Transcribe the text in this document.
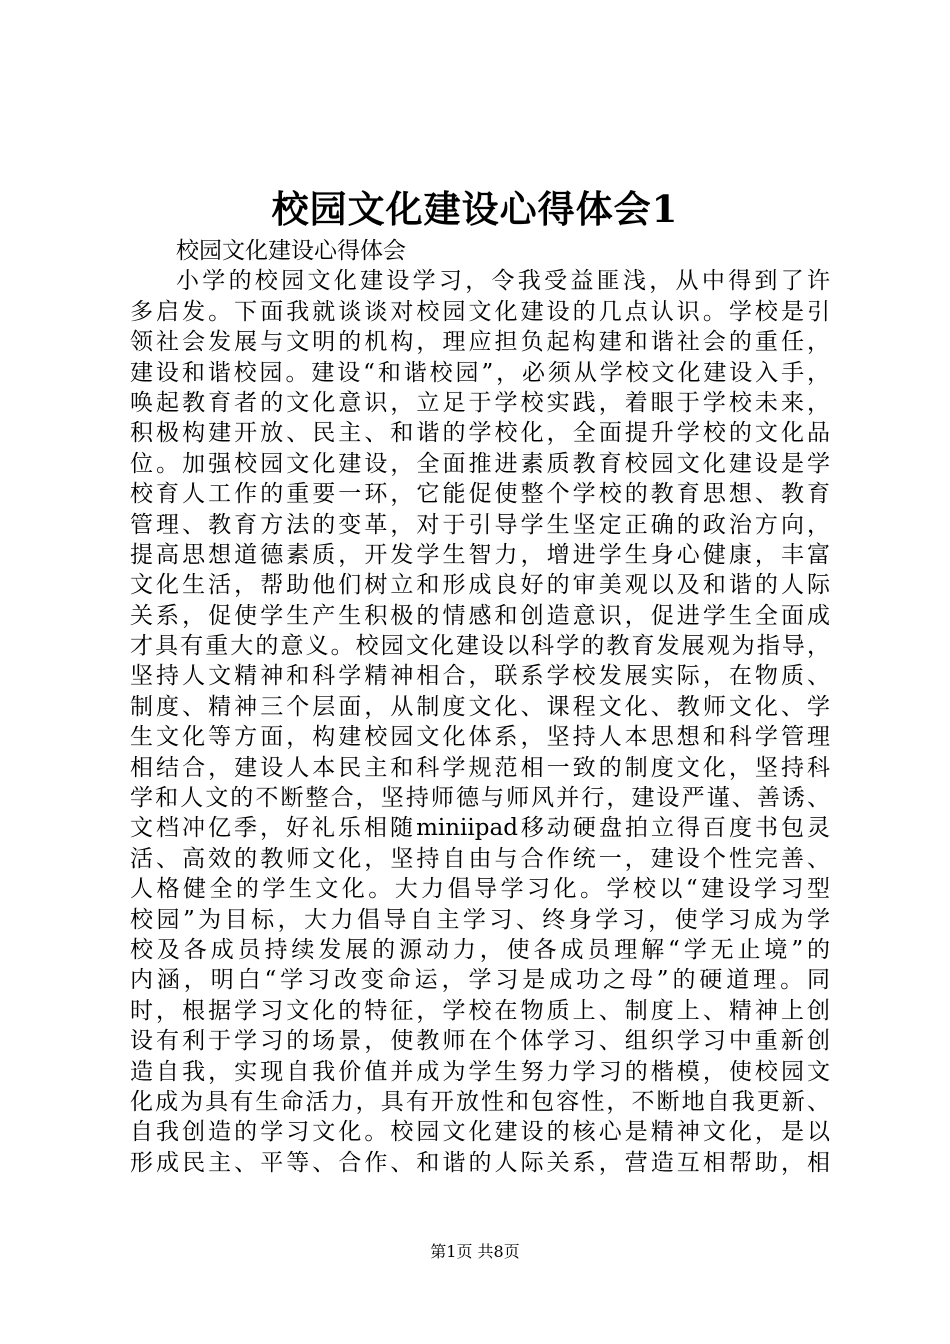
校园文化建设心得体会1
校园文化建设心得体会
小学的校园文化建设学习，令我受益匪浅，从中得到了许
多启发。下面我就谈谈对校园文化建设的几点认识。学校是引
领社会发展与文明的机构，理应担负起构建和谐社会的重任，
建设和谐校园。建设“和谐校园”，必须从学校文化建设入手，
唤起教育者的文化意识，立足于学校实践，着眼于学校未来，
积极构建开放、民主、和谐的学校化，全面提升学校的文化品
位。加强校园文化建设，全面推进素质教育校园文化建设是学
校育人工作的重要一环，它能促使整个学校的教育思想、教育
管理、教育方法的变革，对于引导学生坚定正确的政治方向，
提高思想道德素质，开发学生智力，增进学生身心健康，丰富
文化生活，帮助他们树立和形成良好的审美观以及和谐的人际
关系，促使学生产生积极的情感和创造意识，促进学生全面成
才具有重大的意义。校园文化建设以科学的教育发展观为指导，
坚持人文精神和科学精神相合，联系学校发展实际，在物质、
制度、精神三个层面，从制度文化、课程文化、教师文化、学
生文化等方面，构建校园文化体系，坚持人本思想和科学管理
相结合，建设人本民主和科学规范相一致的制度文化，坚持科
学和人文的不断整合，坚持师德与师风并行，建设严谨、善诱、
文档冲亿季，好礼乐相随miniipad移动硬盘拍立得百度书包灵
活、高效的教师文化，坚持自由与合作统一，建设个性完善、
人格健全的学生文化。大力倡导学习化。学校以“建设学习型
校园”为目标，大力倡导自主学习、终身学习，使学习成为学
校及各成员持续发展的源动力，使各成员理解“学无止境”的
内涵，明白“学习改变命运，学习是成功之母”的硬道理。同
时，根据学习文化的特征，学校在物质上、制度上、精神上创
设有利于学习的场景，使教师在个体学习、组织学习中重新创
造自我，实现自我价值并成为学生努力学习的楷模，使校园文
化成为具有生命活力，具有开放性和包容性，不断地自我更新、
自我创造的学习文化。校园文化建设的核心是精神文化，是以
形成民主、平等、合作、和谐的人际关系，营造互相帮助，相
第1页 共8页
